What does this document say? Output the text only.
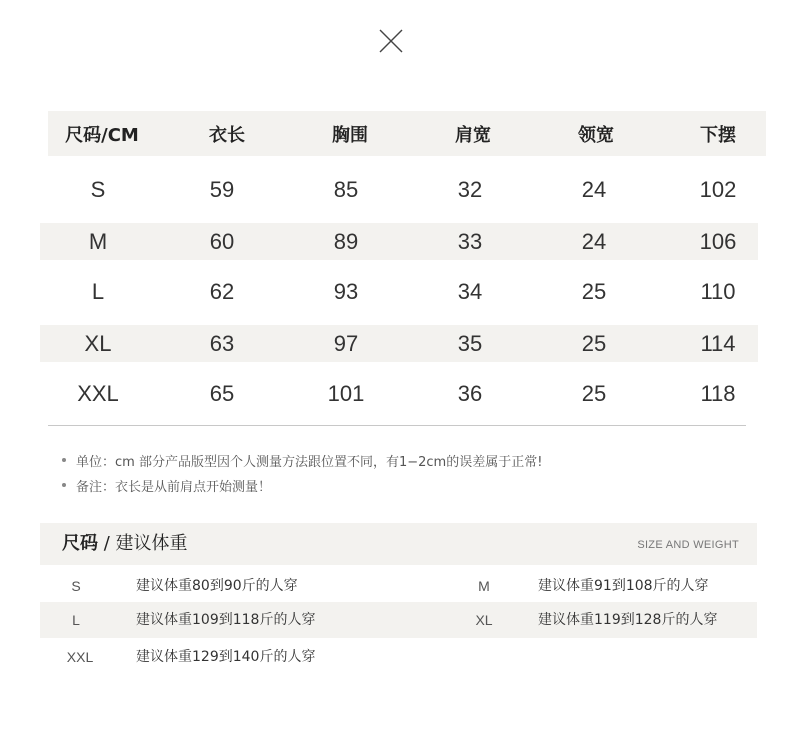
尺码/CM	衣长	胸围	肩宽	领宽	下摆
S	59	85	32	24	102
M	60	89	33	24	106
L	62	93	34	25	110
XL	63	97	35	25	114
XXL	65	101	36	25	118
单位：cm 部分产品版型因个人测量方法跟位置不同，有1−2cm的误差属于正常!
备注：衣长是从前肩点开始测量！
尺码 / 建议体重	SIZE AND WEIGHT
S	建议体重80到90斤的人穿	M	建议体重91到108斤的人穿
L	建议体重109到118斤的人穿	XL	建议体重119到128斤的人穿
XXL	建议体重129到140斤的人穿
